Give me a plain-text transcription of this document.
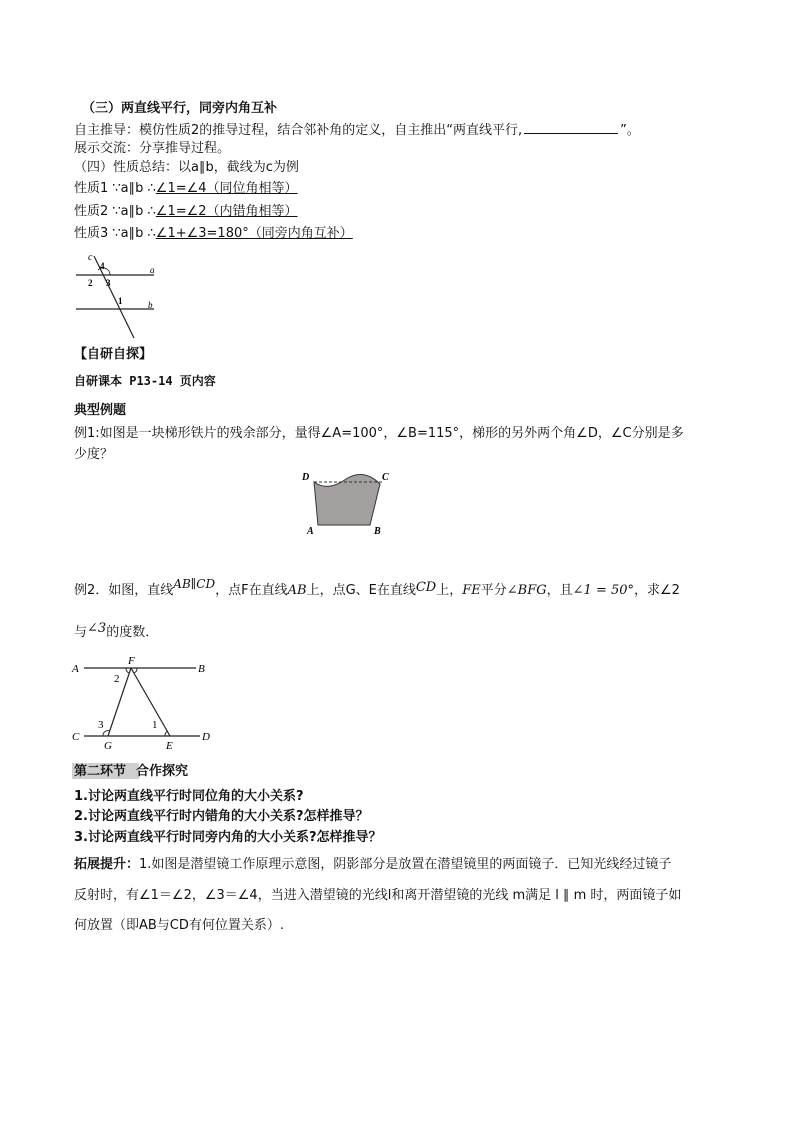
（三）两直线平行，同旁内角互补
自主推导：模仿性质2的推导过程，结合邻补角的定义，自主推出“两直线平行,	”。
展示交流：分享推导过程。
（四）性质总结：以a∥b，截线为c为例
性质1 ∵a∥b ∴∠1=∠4（同位角相等）
性质2 ∵a∥b ∴∠1=∠2（内错角相等）
性质3 ∵a∥b ∴∠1+∠3=180°（同旁内角互补）
c
a
b
4
2 3
1
【自研自探】
自研课本 P13-14 页内容
典型例题
例1:如图是一块梯形铁片的残余部分，量得∠A=100°，∠B=115°，梯形的另外两个角∠D，∠C分别是多
少度？
D	C
A	B
例2．如图，直线AB∥CD，点F在直线AB上，点G、E在直线CD上，FE平分∠BFG，且∠1 = 50°，求∠2
与∠3的度数．
A
F
B
2
3	1
C
G	E
D
第二环节 合作探究
1.讨论两直线平行时同位角的大小关系?
2.讨论两直线平行时内错角的大小关系?怎样推导？
3.讨论两直线平行时同旁内角的大小关系?怎样推导？
拓展提升：1.如图是潜望镜工作原理示意图，阴影部分是放置在潜望镜里的两面镜子．已知光线经过镜子
反射时，有∠1＝∠2，∠3＝∠4，当进入潜望镜的光线l和离开潜望镜的光线 m满足 l ∥ m 时，两面镜子如
何放置（即AB与CD有何位置关系）.
